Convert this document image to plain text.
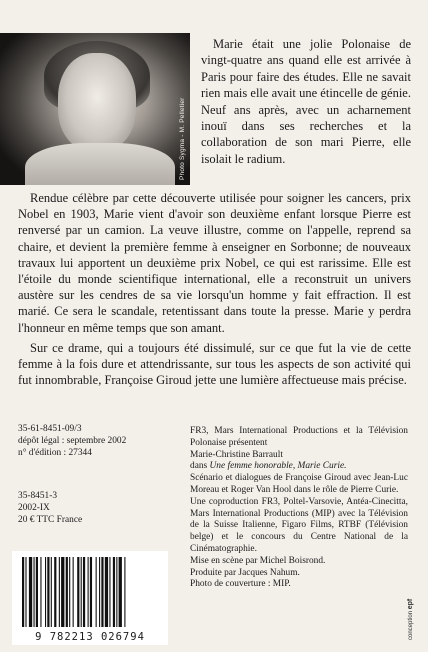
Photo Sygma - M. Pelletier

Marie était une jolie Polonaise de vingt-quatre ans quand elle est arrivée à Paris pour faire des études. Elle ne savait rien mais elle avait une étincelle de génie. Neuf ans après, avec un acharnement inouï dans ses recherches et la collaboration de son mari Pierre, elle isolait le radium.

Rendue célèbre par cette découverte utilisée pour soigner les cancers, prix Nobel en 1903, Marie vient d'avoir son deuxième enfant lorsque Pierre est renversé par un camion. La veuve illustre, comme on l'appelle, reprend sa chaire, et devient la première femme à enseigner en Sorbonne; de nouveaux travaux lui apportent un deuxième prix Nobel, ce qui est rarissime. Elle est l'étoile du monde scientifique international, elle a reconstruit un univers austère sur les cendres de sa vie lorsqu'un homme y fait effraction. Il est marié. Ce sera le scandale, retentissant dans toute la presse. Marie y perdra l'honneur en même temps que son amant.

Sur ce drame, qui a toujours été dissimulé, sur ce que fut la vie de cette femme à la fois dure et attendrissante, sur tous les aspects de son activité qui fut innombrable, Françoise Giroud jette une lumière affectueuse mais précise.

35-61-8451-09/3
dépôt légal : septembre 2002
n° d'édition : 27344
35-8451-3
2002-IX
20 € TTC France
FR3, Mars International Productions et la Télévision Polonaise présentent
Marie-Christine Barrault
dans Une femme honorable, Marie Curie.
Scénario et dialogues de Françoise Giroud avec Jean-Luc Moreau et Roger Van Hool dans le rôle de Pierre Curie.
Une coproduction FR3, Poltel-Varsovie, Antéa-Cinecitta, Mars International Productions (MIP) avec la Télévision de la Suisse Italienne, Figaro Films, RTBF (Télévision belge) et le concours du Centre National de la Cinématographie.
Mise en scène par Michel Boisrond.
Produite par Jacques Nahum.
Photo de couverture : MIP.
9 782213 026794	conception epf
